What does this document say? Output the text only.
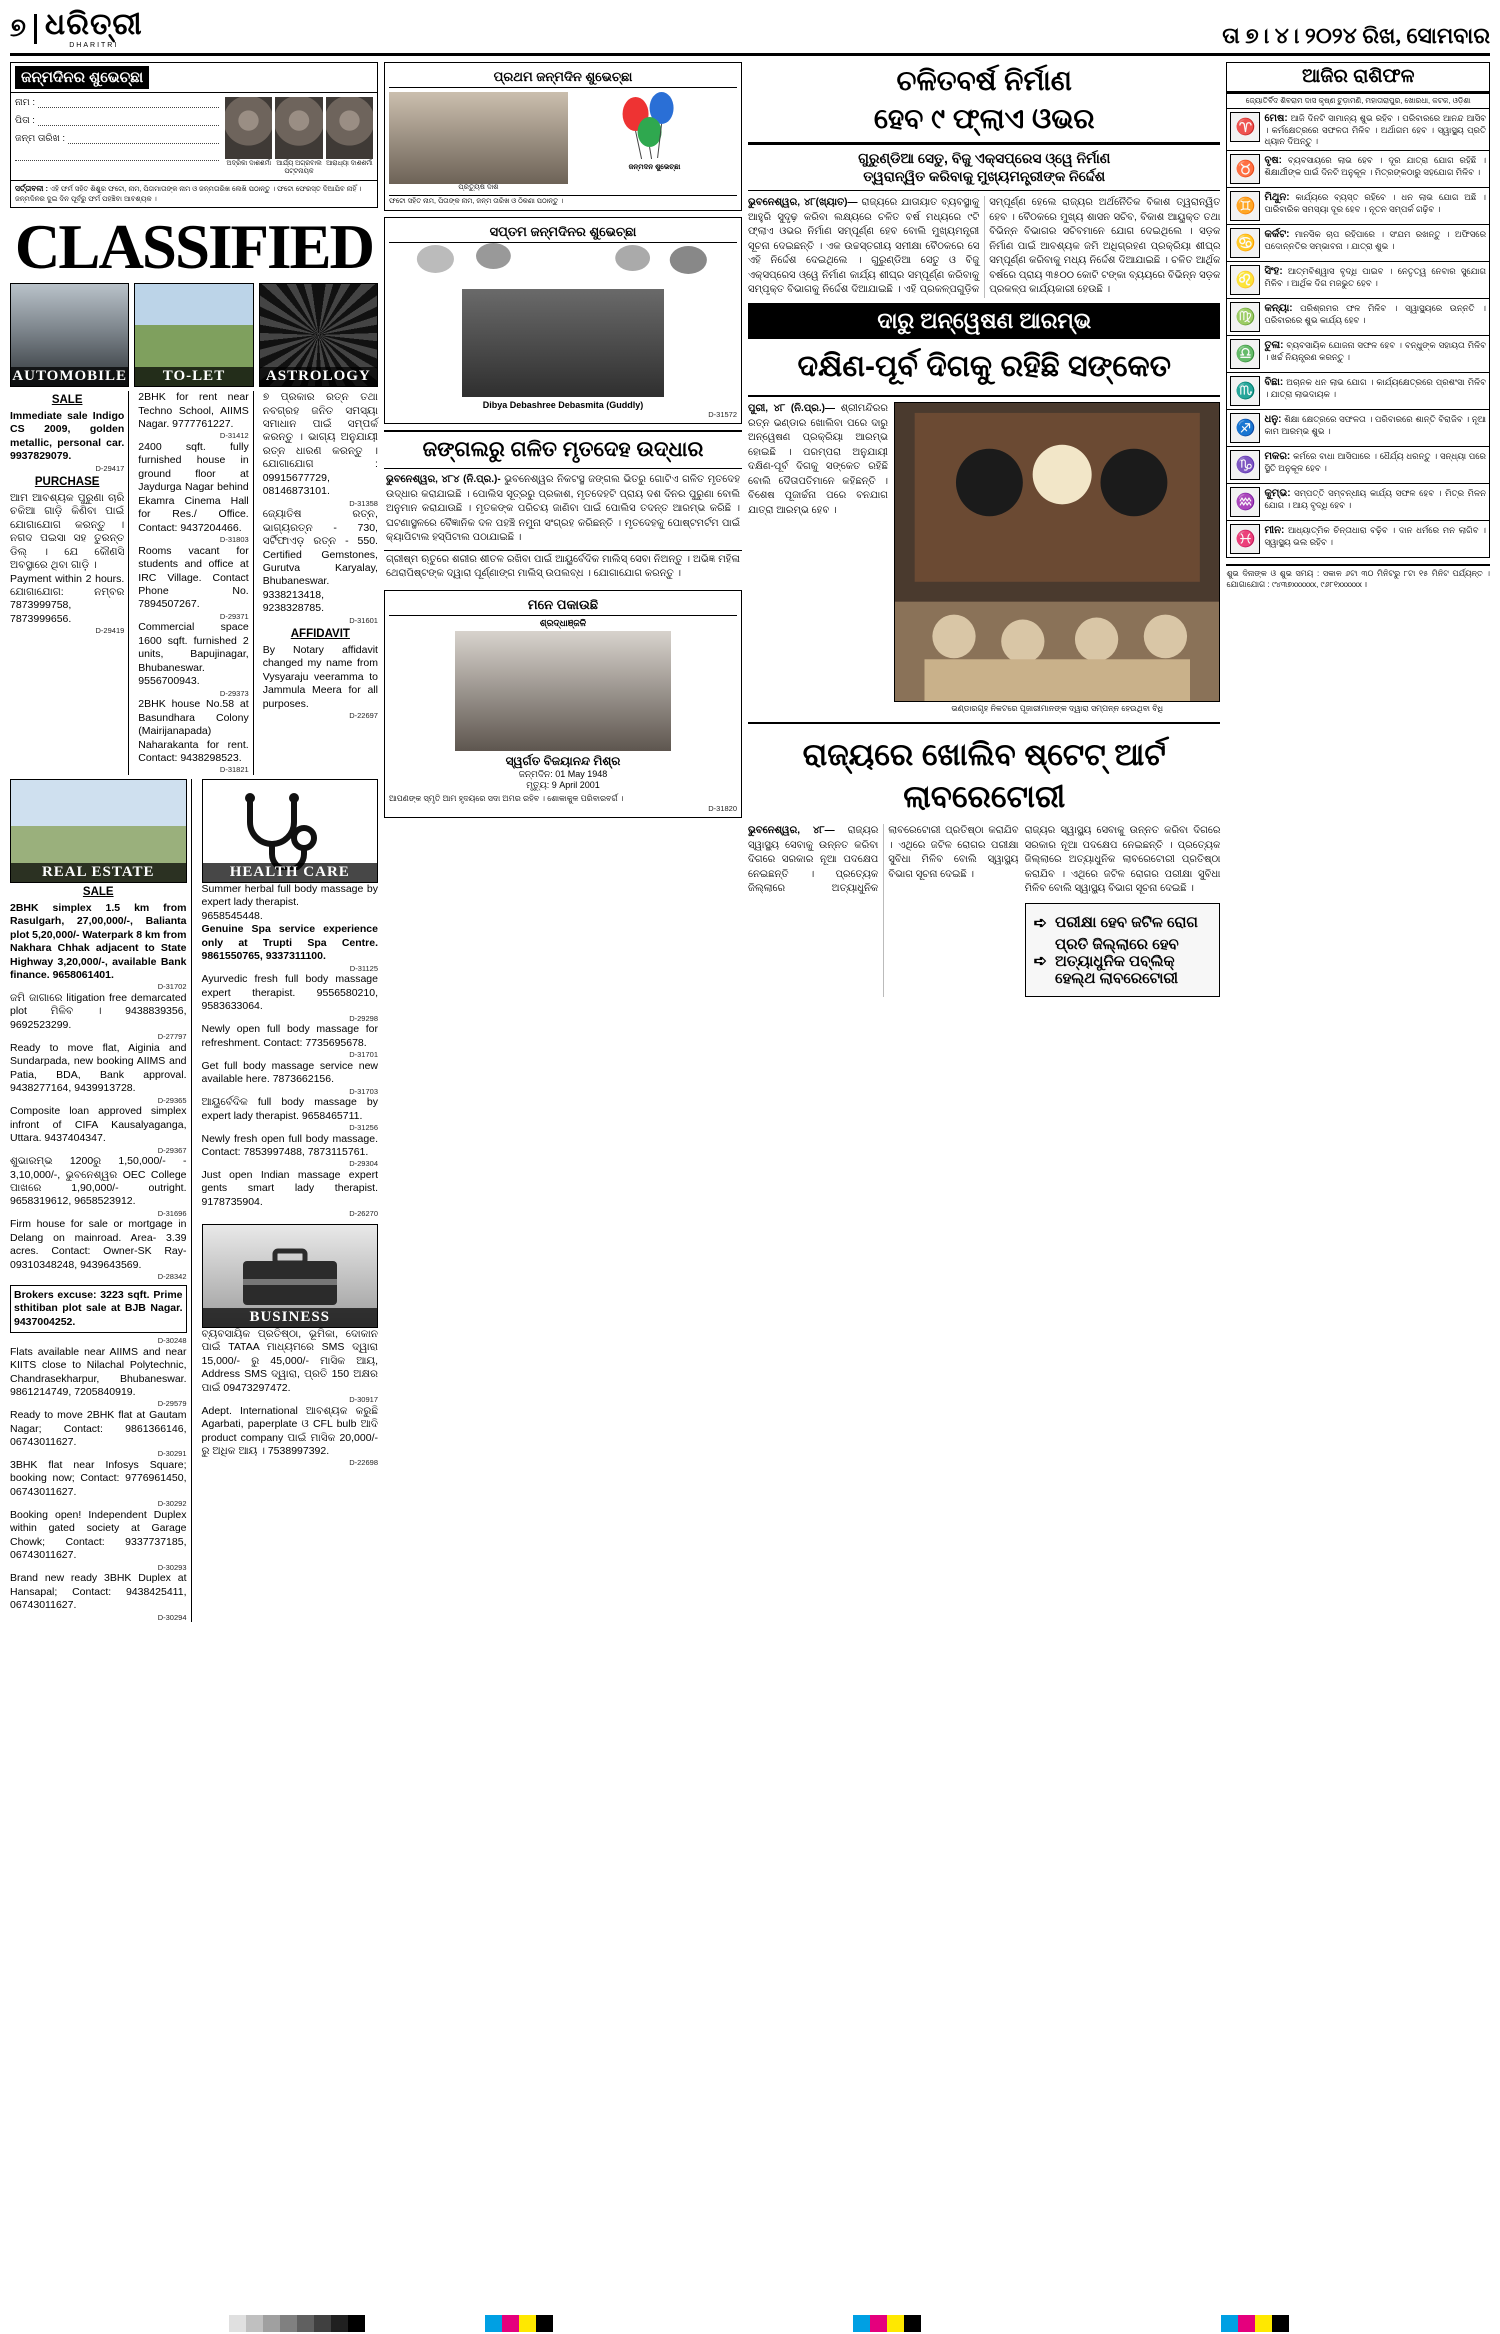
୭ ଧରିତ୍ରୀ
DHARITRI	ତା ୭ ୲ ୪ ୲ ୨୦୨୪ ରିଖ, ସୋମବାର
ଜନ୍ମଦିନର ଶୁଭେଚ୍ଛା
ନାମ :
ପିତା :
ଜନ୍ମ ତାରିଖ :
ଅଦ୍ରିକା ଦାଶଶର୍ମା ଆର୍ଯ୍ୟ ଅଗ୍ରବାଲ ପଟ୍ଟନାୟକ
ଆରାଧ୍ୟା ଦାଶଶର୍ମା
ସର୍ତ୍ତାବଳୀ : ଏହି ଫର୍ମ ସହିତ ଶିଶୁର ଫଟୋ, ନାମ, ପିତାମାତାଙ୍କ ନାମ ଓ ଜନ୍ମତାରିଖ ଲେଖି ପଠାନ୍ତୁ । ଫଟୋ ଫେରସ୍ତ ଦିଆଯିବ ନାହିଁ । ଜନ୍ମଦିନର ଦୁଇ ଦିନ ପୂର୍ବରୁ ଫର୍ମ ପହଞ୍ଚିବା ଆବଶ୍ୟକ ।
CLASSIFIED
AUTOMOBILE	TO-LET	ASTROLOGY
SALE
Immediate sale Indigo CS 2009, golden metallic, personal car. 9937829079.
D-29417
PURCHASE
ଆମ ଆବଶ୍ୟକ ପୁରୁଣା ଚାରି ଚକିଆ ଗାଡ଼ି କିଣିବା ପାଇଁ ଯୋଗାଯୋଗ କରନ୍ତୁ । ନଗଦ ପଇସା ସହ ତୁରନ୍ତ ଡିଲ୍ । ଯେ କୌଣସି ଅବସ୍ଥାରେ ଥିବା ଗାଡ଼ି ।
Payment within 2 hours. ଯୋଗାଯୋଗ: ନମ୍ବର 7873999758, 7873999656.
D-29419
2BHK for rent near Techno School, AIIMS Nagar. 9777761227.
D-31412
2400 sqft. fully furnished house in ground floor at Jaydurga Nagar behind Ekamra Cinema Hall for Res./ Office. Contact: 9437204466.
D-31803
Rooms vacant for students and office at IRC Village. Contact Phone No. 7894507267.
D-29371
Commercial space 1600 sqft. furnished 2 units, Bapujinagar, Bhubaneswar. 9556700943.
D-29373
2BHK house No.58 at Basundhara Colony (Mairijanapada) Naharakanta for rent. Contact: 9438298523.
D-31821
୭ ପ୍ରକାର ରତ୍ନ ତଥା ନବଗ୍ରହ ଜନିତ ସମସ୍ୟା ସମାଧାନ ପାଇଁ ସମ୍ପର୍କ କରନ୍ତୁ । ଭାଗ୍ୟ ଅନୁଯାୟୀ ରତ୍ନ ଧାରଣ କରନ୍ତୁ । ଯୋଗାଯୋଗ : 09915677729, 08146873101.
D-31358
ଜ୍ୟୋତିଷ ରତ୍ନ, ଭାଗ୍ୟରତ୍ନ - 730, ସର୍ଟିଫାଏଡ଼ ରତ୍ନ - 550. Certified Gemstones, Gurutva Karyalay, Bhubaneswar. 9338213418, 9238328785.
D-31601
AFFIDAVIT
By Notary affidavit changed my name from Vysyaraju veeramma to Jammula Meera for all purposes.
D-22697
REAL ESTATE
SALE
2BHK simplex 1.5 km from Rasulgarh, 27,00,000/-, Balianta plot 5,20,000/- Waterpark 8 km from Nakhara Chhak adjacent to State Highway 3,20,000/-, available Bank finance. 9658061401.
D-31702
ଜମି ଜାଗାରେ litigation free demarcated plot ମିଳିବ । 9438839356, 9692523299.
D-27797
Ready to move flat, Aiginia and Sundarpada, new booking AIIMS and Patia, BDA, Bank approval. 9438277164, 9439913728.
D-29365
Composite loan approved simplex infront of CIFA Kausalyaganga, Uttara. 9437404347.
D-29367
ଶୁଭାରମ୍ଭ 1200ରୁ 1,50,000/- - 3,10,000/-, ଭୁବନେଶ୍ୱର OEC College ପାଖରେ 1,90,000/- outright. 9658319612, 9658523912.
D-31696
Firm house for sale or mortgage in Delang on mainroad. Area- 3.39 acres. Contact: Owner-SK Ray- 09310348248, 9439643569.
D-28342
Brokers excuse: 3223 sqft. Prime sthitiban plot sale at BJB Nagar. 9437004252.
D-30248
Flats available near AIIMS and near KIITS close to Nilachal Polytechnic, Chandrasekharpur, Bhubaneswar. 9861214749, 7205840919.
D-29579
Ready to move 2BHK flat at Gautam Nagar; Contact: 9861366146, 06743011627.
D-30291
3BHK flat near Infosys Square; booking now; Contact: 9776961450, 06743011627.
D-30292
Booking open! Independent Duplex within gated society at Garage Chowk; Contact: 9337737185, 06743011627.
D-30293
Brand new ready 3BHK Duplex at Hansapal; Contact: 9438425411, 06743011627.
D-30294
HEALTH CARE
Summer herbal full body massage by expert lady therapist.
9658545448.
Genuine Spa service experience only at Trupti Spa Centre. 9861550765, 9337311100.
D-31125
Ayurvedic fresh full body massage expert therapist. 9556580210, 9583633064.
D-29298
Newly open full body massage for refreshment. Contact: 7735695678.
D-31701
Get full body massage service new available here. 7873662156.
D-31703
ଆୟୁର୍ବେଦିକ full body massage by expert lady therapist. 9658465711.
D-31256
Newly fresh open full body massage. Contact: 7853997488, 7873115761.
D-29304
Just open Indian massage expert gents smart lady therapist. 9178735904.
D-26270
BUSINESS
ବ୍ୟବସାୟିକ ପ୍ରତିଷ୍ଠା, ଭୂମିକା, ଦୋକାନ ପାଇଁ TATAA ମାଧ୍ୟମରେ SMS ଦ୍ୱାରା 15,000/- ରୁ 45,000/- ମାସିକ ଆୟ, Address SMS ଦ୍ୱାରା, ପ୍ରତି 150 ଅକ୍ଷର ପାଇଁ 09473297472.
D-30917
Adept. International ଆବଶ୍ୟକ କରୁଛି Agarbati, paperplate ଓ CFL bulb ଆଦି product company ପାଇଁ ମାସିକ 20,000/-ରୁ ଅଧିକ ଆୟ । 7538997392.
D-22698
ପ୍ରଥମ ଜନ୍ମଦିନ ଶୁଭେଚ୍ଛା
ପ୍ରତ୍ୟୁଷ ଦାଶ
ଜନ୍ମଦିନ ଶୁଭେଚ୍ଛା
ଫଟୋ ସହିତ ନାମ, ପିତାଙ୍କ ନାମ, ଜନ୍ମ ତାରିଖ ଓ ଠିକଣା ପଠାନ୍ତୁ ।
ସପ୍ତମ ଜନ୍ମଦିନର ଶୁଭେଚ୍ଛା
Dibya Debashree Debasmita (Guddly)
D-31572
ଜଙ୍ଗଲରୁ ଗଳିତ ମୃତଦେହ ଉଦ୍ଧାର
ଭୁବନେଶ୍ୱର, ୪୮୪ (ନି.ପ୍ର.)- ଭୁବନେଶ୍ୱର ନିକଟସ୍ଥ ଜଙ୍ଗଲ ଭିତରୁ ଗୋଟିଏ ଗଳିତ ମୃତଦେହ ଉଦ୍ଧାର କରାଯାଇଛି । ପୋଲିସ ସୂତ୍ରରୁ ପ୍ରକାଶ, ମୃତଦେହଟି ପ୍ରାୟ ଦଶ ଦିନର ପୁରୁଣା ବୋଲି ଅନୁମାନ କରାଯାଉଛି । ମୃତକଙ୍କ ପରିଚୟ ଜାଣିବା ପାଇଁ ପୋଲିସ ତଦନ୍ତ ଆରମ୍ଭ କରିଛି । ଘଟଣାସ୍ଥଳରେ ବୈଜ୍ଞାନିକ ଦଳ ପହଞ୍ଚି ନମୁନା ସଂଗ୍ରହ କରିଛନ୍ତି । ମୃତଦେହକୁ ପୋଷ୍ଟମର୍ଟମ ପାଇଁ କ୍ୟାପିଟାଲ ହସ୍ପିଟାଲ ପଠାଯାଇଛି ।
ଗ୍ରୀଷ୍ମ ଋତୁରେ ଶରୀର ଶୀତଳ ରଖିବା ପାଇଁ ଆୟୁର୍ବେଦିକ ମାଲିସ୍ ସେବା ନିଅନ୍ତୁ । ଅଭିଜ୍ଞ ମହିଳା ଥେରାପିଷ୍ଟଙ୍କ ଦ୍ୱାରା ପୂର୍ଣ୍ଣାଙ୍ଗ ମାଲିସ୍ ଉପଲବ୍ଧ । ଯୋଗାଯୋଗ କରନ୍ତୁ ।
ମନେ ପକାଉଛି
ଶ୍ରଦ୍ଧାଞ୍ଜଳି
ସ୍ୱର୍ଗତ ବିଜୟାନନ୍ଦ ମିଶ୍ର
ଜନ୍ମଦିନ: 01 May 1948
ମୃତ୍ୟୁ: 9 April 2001
ଆପଣଙ୍କ ସ୍ମୃତି ଆମ ହୃଦୟରେ ସଦା ଅମର ରହିବ । ଶୋକାକୁଳ ପରିବାରବର୍ଗ ।
D-31820
ଚଳିତବର୍ଷ ନିର୍ମାଣ
ହେବ ୯ ଫ୍ଲାଏ ଓଭର
ଗୁରୁଣ୍ଡିଆ ସେତୁ, ବିଜୁ ଏକ୍ସପ୍ରେସ ଓ୍ୱେ ନିର୍ମାଣ
ତ୍ୱରାନ୍ୱିତ କରିବାକୁ ମୁଖ୍ୟମନ୍ତ୍ରୀଙ୍କ ନିର୍ଦ୍ଦେଶ
ଭୁବନେଶ୍ୱର, ୪୮(ଖ୍ୟାତ)— ରାଜ୍ୟରେ ଯାତାୟାତ ବ୍ୟବସ୍ଥାକୁ ଆହୁରି ସୁଦୃଢ଼ କରିବା ଲକ୍ଷ୍ୟରେ ଚଳିତ ବର୍ଷ ମଧ୍ୟରେ ୯ଟି ଫ୍ଲାଏ ଓଭର ନିର୍ମାଣ ସମ୍ପୂର୍ଣ୍ଣ ହେବ ବୋଲି ମୁଖ୍ୟମନ୍ତ୍ରୀ ସୂଚନା ଦେଇଛନ୍ତି । ଏକ ଉଚ୍ଚସ୍ତରୀୟ ସମୀକ୍ଷା ବୈଠକରେ ସେ ଏହି ନିର୍ଦ୍ଦେଶ ଦେଇଥିଲେ । ଗୁରୁଣ୍ଡିଆ ସେତୁ ଓ ବିଜୁ ଏକ୍ସପ୍ରେସ ଓ୍ୱେ ନିର୍ମାଣ କାର୍ଯ୍ୟ ଶୀଘ୍ର ସମ୍ପୂର୍ଣ୍ଣ କରିବାକୁ ସମ୍ପୃକ୍ତ ବିଭାଗକୁ ନିର୍ଦ୍ଦେଶ ଦିଆଯାଇଛି । ଏହି ପ୍ରକଳ୍ପଗୁଡ଼ିକ ସମ୍ପୂର୍ଣ୍ଣ ହେଲେ ରାଜ୍ୟର ଅର୍ଥନୈତିକ ବିକାଶ ତ୍ୱରାନ୍ୱିତ ହେବ । ବୈଠକରେ ମୁଖ୍ୟ ଶାସନ ସଚିବ, ବିକାଶ ଆୟୁକ୍ତ ତଥା ବିଭିନ୍ନ ବିଭାଗର ସଚିବମାନେ ଯୋଗ ଦେଇଥିଲେ । ସଡ଼କ ନିର୍ମାଣ ପାଇଁ ଆବଶ୍ୟକ ଜମି ଅଧିଗ୍ରହଣ ପ୍ରକ୍ରିୟା ଶୀଘ୍ର ସମ୍ପୂର୍ଣ୍ଣ କରିବାକୁ ମଧ୍ୟ ନିର୍ଦ୍ଦେଶ ଦିଆଯାଇଛି । ଚଳିତ ଆର୍ଥିକ ବର୍ଷରେ ପ୍ରାୟ ୩୫୦୦ କୋଟି ଟଙ୍କା ବ୍ୟୟରେ ବିଭିନ୍ନ ସଡ଼କ ପ୍ରକଳ୍ପ କାର୍ଯ୍ୟକାରୀ ହେଉଛି ।
ଦାରୁ ଅନ୍ୱେଷଣ ଆରମ୍ଭ
ଦକ୍ଷିଣ-ପୂର୍ବ ଦିଗକୁ ରହିଛି ସଙ୍କେତ
ପୁରୀ, ୪୮ (ନି.ପ୍ର.)— ଶ୍ରୀମନ୍ଦିରର ରତ୍ନ ଭଣ୍ଡାର ଖୋଲିବା ପରେ ଦାରୁ ଅନ୍ୱେଷଣ ପ୍ରକ୍ରିୟା ଆରମ୍ଭ ହୋଇଛି । ପରମ୍ପରା ଅନୁଯାୟୀ ଦକ୍ଷିଣ-ପୂର୍ବ ଦିଗକୁ ସଙ୍କେତ ରହିଛି ବୋଲି ଦୈତାପତିମାନେ କହିଛନ୍ତି । ବିଶେଷ ପୂଜାର୍ଚ୍ଚନା ପରେ ବନଯାଗ ଯାତ୍ରା ଆରମ୍ଭ ହେବ ।
ଭଣ୍ଡାରଗୃହ ନିକଟରେ ପୂଜାରୀମାନଙ୍କ ଦ୍ୱାରା ସମ୍ପନ୍ନ ହେଉଥିବା ବିଧି
ରାଜ୍ୟରେ ଖୋଲିବ ଷ୍ଟେଟ୍ ଆର୍ଟ ଲାବରେଟୋରୀ
ଭୁବନେଶ୍ୱର, ୪୮— ରାଜ୍ୟର ସ୍ୱାସ୍ଥ୍ୟ ସେବାକୁ ଉନ୍ନତ କରିବା ଦିଗରେ ସରକାର ନୂଆ ପଦକ୍ଷେପ ନେଇଛନ୍ତି । ପ୍ରତ୍ୟେକ ଜିଲ୍ଲାରେ ଅତ୍ୟାଧୁନିକ ଲାବରେଟୋରୀ ପ୍ରତିଷ୍ଠା କରାଯିବ । ଏଥିରେ ଜଟିଳ ରୋଗର ପରୀକ୍ଷା ସୁବିଧା ମିଳିବ ବୋଲି ସ୍ୱାସ୍ଥ୍ୟ ବିଭାଗ ସୂଚନା ଦେଇଛି ।
ରାଜ୍ୟର ସ୍ୱାସ୍ଥ୍ୟ ସେବାକୁ ଉନ୍ନତ କରିବା ଦିଗରେ ସରକାର ନୂଆ ପଦକ୍ଷେପ ନେଇଛନ୍ତି । ପ୍ରତ୍ୟେକ ଜିଲ୍ଲାରେ ଅତ୍ୟାଧୁନିକ ଲାବରେଟୋରୀ ପ୍ରତିଷ୍ଠା କରାଯିବ । ଏଥିରେ ଜଟିଳ ରୋଗର ପରୀକ୍ଷା ସୁବିଧା ମିଳିବ ବୋଲି ସ୍ୱାସ୍ଥ୍ୟ ବିଭାଗ ସୂଚନା ଦେଇଛି ।
➪ ପରୀକ୍ଷା ହେବ ଜଟିଳ ରୋଗ
➪
ପ୍ରତି ଜିଲ୍ଲାରେ ହେବ ଅତ୍ୟାଧୁନିକ ପବ୍ଲିକ୍ ହେଲ୍‌ଥ ଲାବରେଟୋରୀ
ଆଜିର ରାଶିଫଳ
ଜ୍ୟୋତିର୍ବିଦ ଶିବରାମ ଦାସ କୃଷ୍ଣ ଚୁଡ଼ାମଣି, ମହାତାରାପୁର, ଖୋରଧା, କଟକ, ଓଡ଼ିଶା
♈
ମେଷ: ଆଜି ଦିନଟି ସାମାନ୍ୟ ଶୁଭ ରହିବ । ପରିବାରରେ ଆନନ୍ଦ ଆସିବ । କର୍ମକ୍ଷେତ୍ରରେ ସଫଳତା ମିଳିବ । ଅର୍ଥାଗମ ହେବ । ସ୍ୱାସ୍ଥ୍ୟ ପ୍ରତି ଧ୍ୟାନ ଦିଅନ୍ତୁ ।
♉
ବୃଷ: ବ୍ୟବସାୟରେ ଲାଭ ହେବ । ଦୂର ଯାତ୍ରା ଯୋଗ ରହିଛି । ଶିକ୍ଷାର୍ଥୀଙ୍କ ପାଇଁ ଦିନଟି ଅନୁକୂଳ । ମିତ୍ରଙ୍କଠାରୁ ସହଯୋଗ ମିଳିବ ।
♊
ମିଥୁନ: କାର୍ଯ୍ୟରେ ବ୍ୟସ୍ତ ରହିବେ । ଧନ ଲାଭ ଯୋଗ ଅଛି । ପାରିବାରିକ ସମସ୍ୟା ଦୂର ହେବ । ନୂତନ ସମ୍ପର୍କ ଗଢ଼ିବ ।
♋
କର୍କଟ: ମାନସିକ ଚାପ ରହିପାରେ । ସଂଯମ ରଖନ୍ତୁ । ଅଫିସରେ ପଦୋନ୍ନତିର ସମ୍ଭାବନା । ଯାତ୍ରା ଶୁଭ ।
♌
ସିଂହ: ଆତ୍ମବିଶ୍ୱାସ ବୃଦ୍ଧି ପାଇବ । ନେତୃତ୍ୱ ନେବାର ସୁଯୋଗ ମିଳିବ । ଆର୍ଥିକ ଦିଗ ମଜଭୁତ ହେବ ।
♍
କନ୍ୟା: ପରିଶ୍ରମର ଫଳ ମିଳିବ । ସ୍ୱାସ୍ଥ୍ୟରେ ଉନ୍ନତି । ପରିବାରରେ ଶୁଭ କାର୍ଯ୍ୟ ହେବ ।
♎
ତୁଳା: ବ୍ୟବସାୟିକ ଯୋଜନା ସଫଳ ହେବ । ବନ୍ଧୁଙ୍କ ସହାୟତା ମିଳିବ । ଖର୍ଚ୍ଚ ନିୟନ୍ତ୍ରଣ କରନ୍ତୁ ।
♏
ବିଛା: ଅଚାନକ ଧନ ଲାଭ ଯୋଗ । କାର୍ଯ୍ୟକ୍ଷେତ୍ରରେ ପ୍ରଶଂସା ମିଳିବ । ଯାତ୍ରା ଲାଭଦାୟକ ।
♐
ଧନୁ: ଶିକ୍ଷା କ୍ଷେତ୍ରରେ ସଫଳତା । ପରିବାରରେ ଶାନ୍ତି ବିରାଜିବ । ନୂଆ କାମ ଆରମ୍ଭ ଶୁଭ ।
♑
ମକର: କର୍ମରେ ବାଧା ଆସିପାରେ । ଧୈର୍ଯ୍ୟ ଧରନ୍ତୁ । ସନ୍ଧ୍ୟା ପରେ ସ୍ଥିତି ଅନୁକୂଳ ହେବ ।
♒
କୁମ୍ଭ: ସମ୍ପତ୍ତି ସମ୍ବନ୍ଧୀୟ କାର୍ଯ୍ୟ ସଫଳ ହେବ । ମିତ୍ର ମିଳନ ଯୋଗ । ଆୟ ବୃଦ୍ଧି ହେବ ।
♓
ମୀନ: ଆଧ୍ୟାତ୍ମିକ ଚିନ୍ତାଧାରା ବଢ଼ିବ । ଦାନ ଧର୍ମରେ ମନ ଲାଗିବ । ସ୍ୱାସ୍ଥ୍ୟ ଭଲ ରହିବ ।
ଶୁଭ ଦିନାଙ୍କ ଓ ଶୁଭ ସମୟ : ସକାଳ ୬ଟା ୩୦ ମିନିଟରୁ ୮ଟା ୧୫ ମିନିଟ ପର୍ଯ୍ୟନ୍ତ । ଯୋଗାଯୋଗ : ୯୪୩୭xxxxxx, ୯୬୮୧xxxxxx ।
